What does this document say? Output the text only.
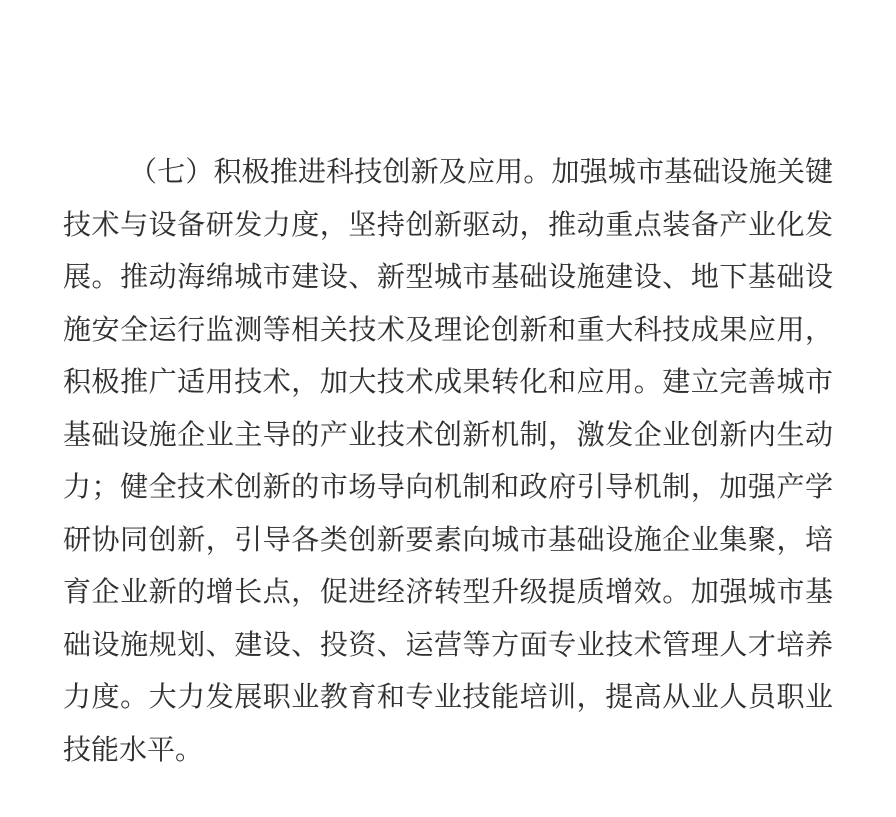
（七）积极推进科技创新及应用。加强城市基础设施关键
技术与设备研发力度，坚持创新驱动，推动重点装备产业化发
展。推动海绵城市建设、新型城市基础设施建设、地下基础设
施安全运行监测等相关技术及理论创新和重大科技成果应用，
积极推广适用技术，加大技术成果转化和应用。建立完善城市
基础设施企业主导的产业技术创新机制，激发企业创新内生动
力；健全技术创新的市场导向机制和政府引导机制，加强产学
研协同创新，引导各类创新要素向城市基础设施企业集聚，培
育企业新的增长点，促进经济转型升级提质增效。加强城市基
础设施规划、建设、投资、运营等方面专业技术管理人才培养
力度。大力发展职业教育和专业技能培训，提高从业人员职业
技能水平。
